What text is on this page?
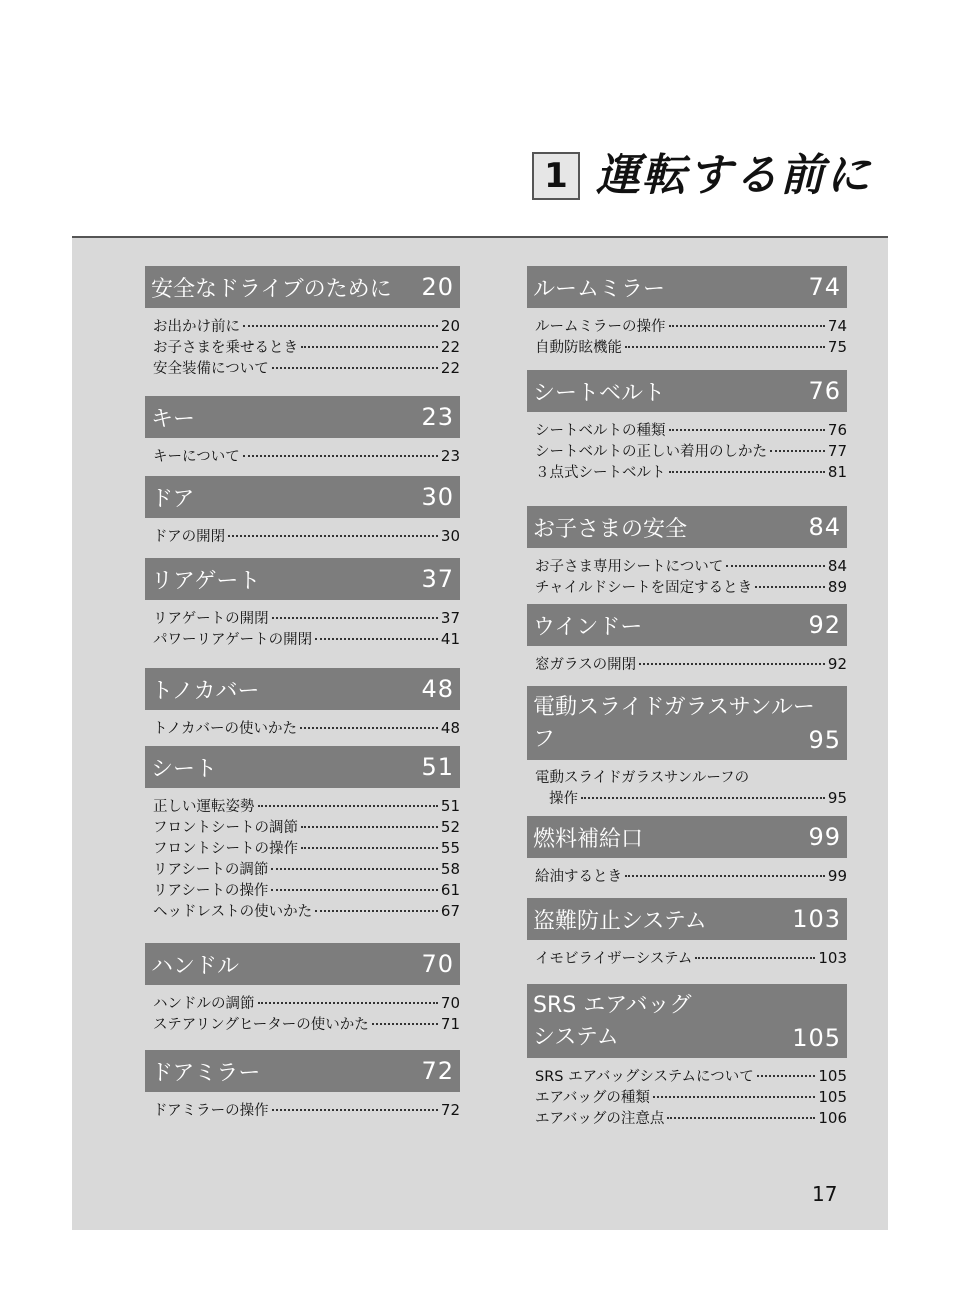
1 運転する前に
安全なドライブのために 20
お出かけ前に	20
お子さまを乗せるとき	22
安全装備について	22
キー	23
キーについて	23
ドア	30
ドアの開閉	30
リアゲート	37
リアゲートの開閉	37
パワーリアゲートの開閉	41
トノカバー	48
トノカバーの使いかた	48
シート	51
正しい運転姿勢	51
フロントシートの調節	52
フロントシートの操作	55
リアシートの調節	58
リアシートの操作	61
ヘッドレストの使いかた	67
ハンドル	70
ハンドルの調節	70
ステアリングヒーターの使いかた	71
ドアミラー	72
ドアミラーの操作	72
ルームミラー	74
ルームミラーの操作	74
自動防眩機能	75
シートベルト	76
シートベルトの種類	76
シートベルトの正しい着用のしかた	77
３点式シートベルト	81
お子さまの安全	84
お子さま専用シートについて	84
チャイルドシートを固定するとき	89
ウインドー	92
窓ガラスの開閉	92
電動スライドガラスサンルー
フ	95
電動スライドガラスサンルーフの
操作	95
燃料補給口	99
給油するとき	99
盗難防止システム	103
イモビライザーシステム	103
SRS エアバッグ
システム	105
SRS エアバッグシステムについて	105
エアバッグの種類	105
エアバッグの注意点	106
17
